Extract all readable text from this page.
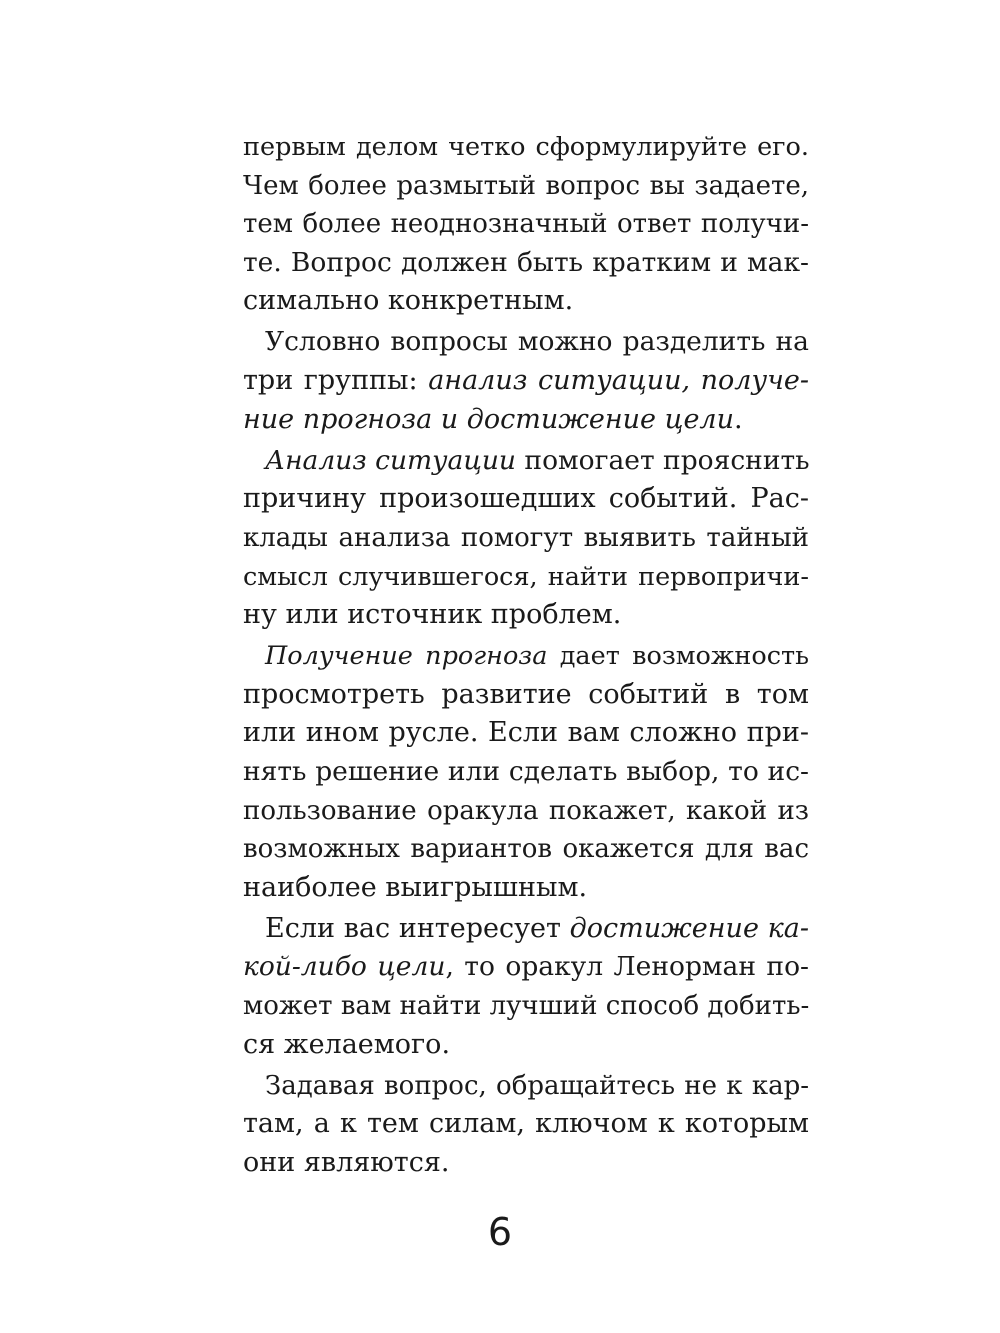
первым делом четко сформулируйте его.
Чем более размытый вопрос вы задаете,
тем более неоднозначный ответ получи-
те. Вопрос должен быть кратким и мак-
симально конкретным.
Условно вопросы можно разделить на
три группы: анализ ситуации, получе-
ние прогноза и достижение цели.
Анализ ситуации помогает прояснить
причину произошедших событий. Рас-
клады анализа помогут выявить тайный
смысл случившегося, найти первопричи-
ну или источник проблем.
Получение прогноза дает возможность
просмотреть развитие событий в том
или ином русле. Если вам сложно при-
нять решение или сделать выбор, то ис-
пользование оракула покажет, какой из
возможных вариантов окажется для вас
наиболее выигрышным.
Если вас интересует достижение ка-
кой-либо цели, то оракул Ленорман по-
может вам найти лучший способ добить-
ся желаемого.
Задавая вопрос, обращайтесь не к кар-
там, а к тем силам, ключом к которым
они являются.
6
